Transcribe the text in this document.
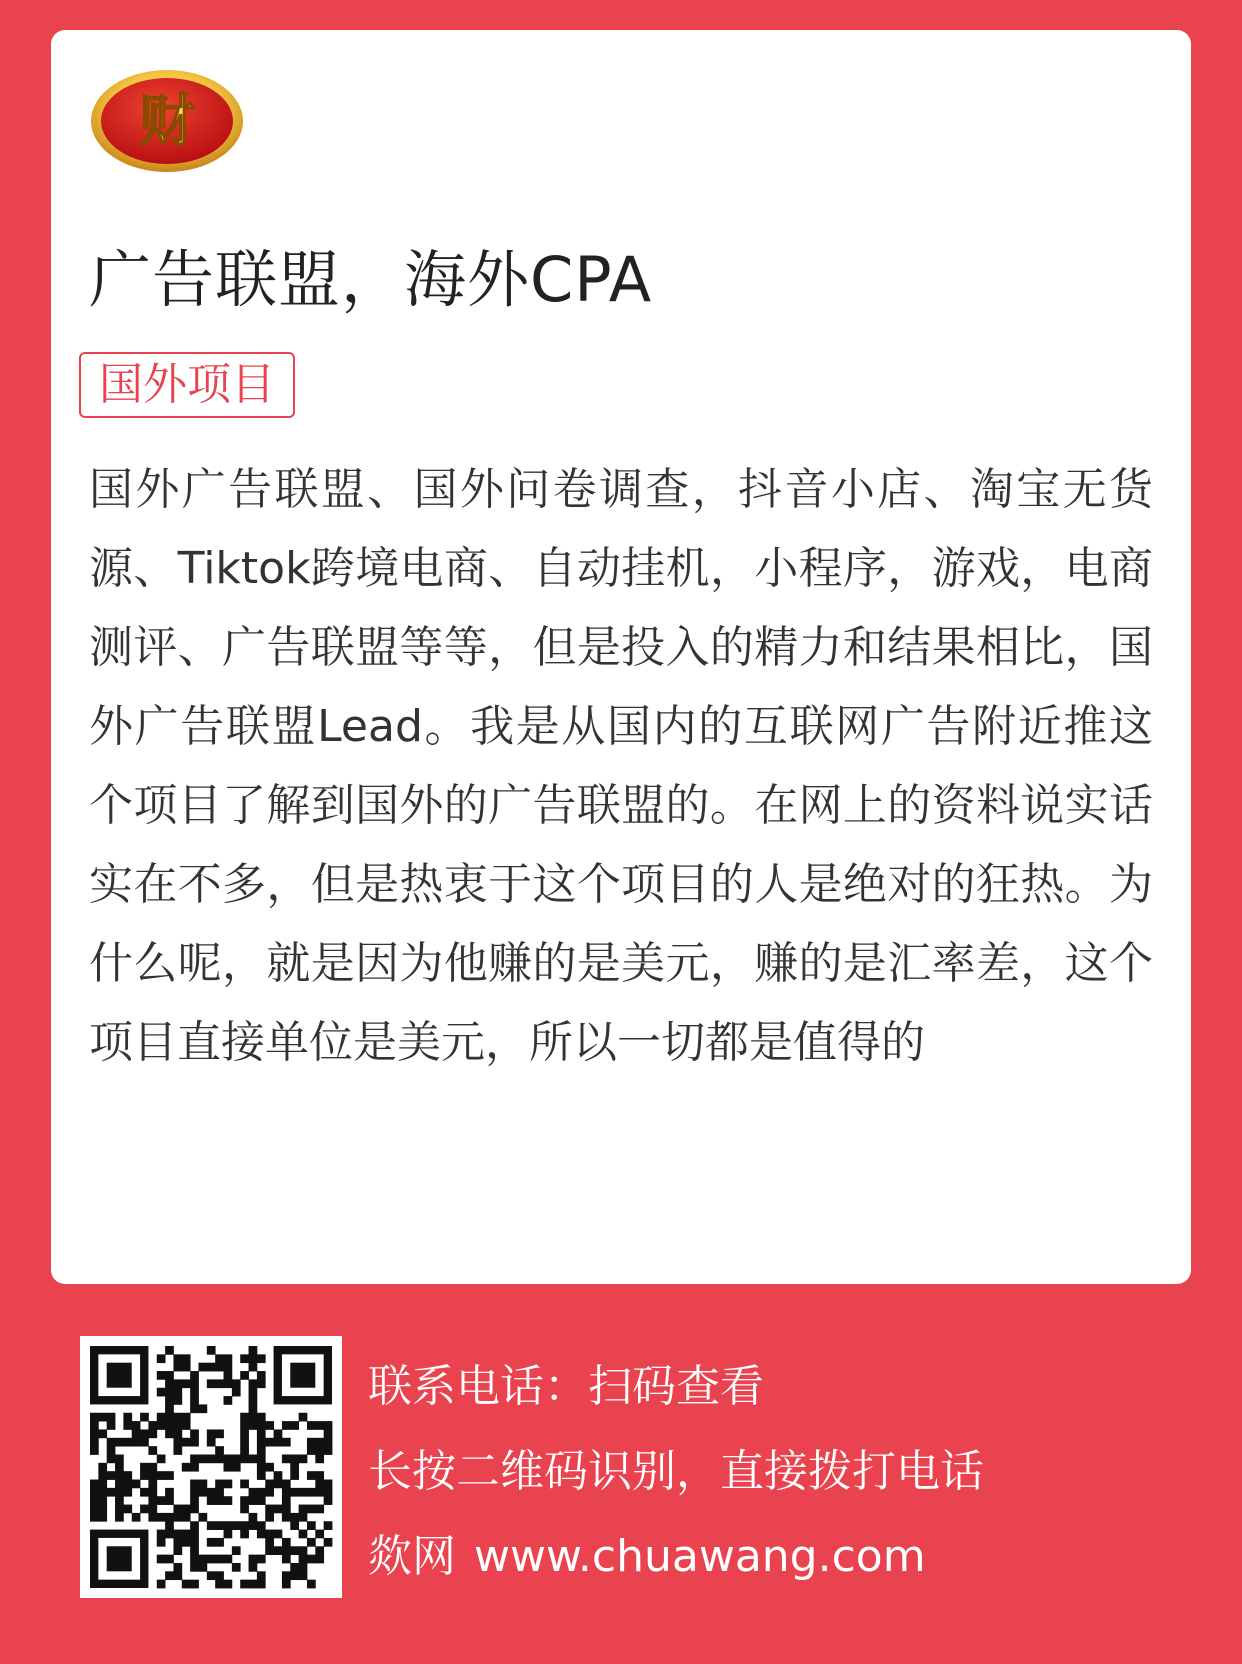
财
广告联盟，海外CPA
国外项目

国外广告联盟、国外问卷调查，抖音小店、淘宝无货源、Tiktok跨境电商、自动挂机，小程序，游戏，电商测评、广告联盟等等，但是投入的精力和结果相比，国外广告联盟Lead。我是从国内的互联网广告附近推这个项目了解到国外的广告联盟的。在网上的资料说实话实在不多，但是热衷于这个项目的人是绝对的狂热。为什么呢，就是因为他赚的是美元，赚的是汇率差，这个项目直接单位是美元，所以一切都是值得的

联系电话：扫码查看
长按二维码识别，直接拨打电话
欻网 www.chuawang.com
